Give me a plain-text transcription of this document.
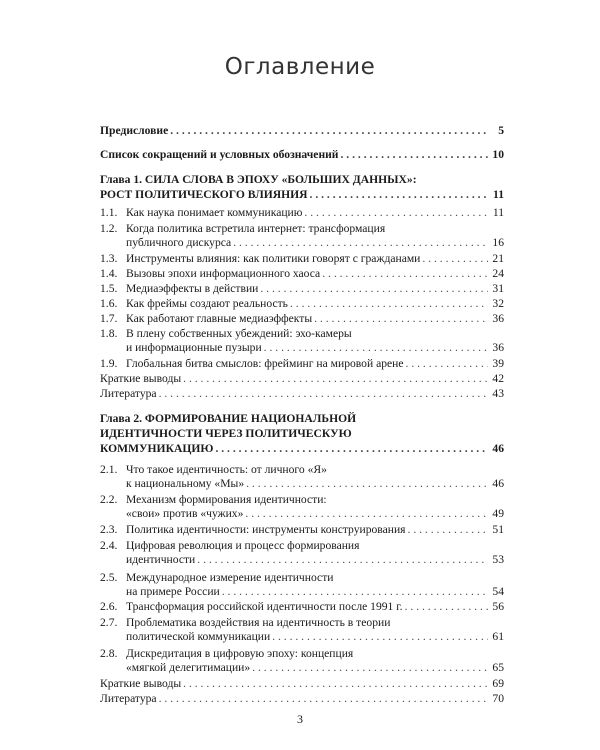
Оглавление
Предисловие . . .	5
Список сокращений и условных обозначений . . .	10
Глава 1. СИЛА СЛОВА В ЭПОХУ «БОЛЬШИХ ДАННЫХ»:
РОСТ ПОЛИТИЧЕСКОГО ВЛИЯНИЯ . . .	11
1.1. Как наука понимает коммуникацию . . .	11
1.2. Когда политика встретила интернет: трансформация
публичного дискурса . . .	16
1.3. Инструменты влияния: как политики говорят с гражданами . . .	21
1.4. Вызовы эпохи информационного хаоса . . .	24
1.5. Медиаэффекты в действии . . .	31
1.6. Как фреймы создают реальность . . .	32
1.7. Как работают главные медиаэффекты . . .	36
1.8. В плену собственных убеждений: эхо-камеры
и информационные пузыри . . .	36
1.9. Глобальная битва смыслов: фрейминг на мировой арене . . .	39
Краткие выводы . . .	42
Литература . . .	43
Глава 2. ФОРМИРОВАНИЕ НАЦИОНАЛЬНОЙ
ИДЕНТИЧНОСТИ ЧЕРЕЗ ПОЛИТИЧЕСКУЮ
КОММУНИКАЦИЮ . . .	46
2.1. Что такое идентичность: от личного «Я»
к национальному «Мы» . . .	46
2.2. Механизм формирования идентичности:
«свои» против «чужих» . . .	49
2.3. Политика идентичности: инструменты конструирования . . .	51
2.4. Цифровая революция и процесс формирования
идентичности . . .	53
2.5. Международное измерение идентичности
на примере России . . .	54
2.6. Трансформация российской идентичности после 1991 г. . . .	56
2.7. Проблематика воздействия на идентичность в теории
политической коммуникации . . .	61
2.8. Дискредитация в цифровую эпоху: концепция
«мягкой делегитимации» . . .	65
Краткие выводы . . .	69
Литература . . .	70
3
